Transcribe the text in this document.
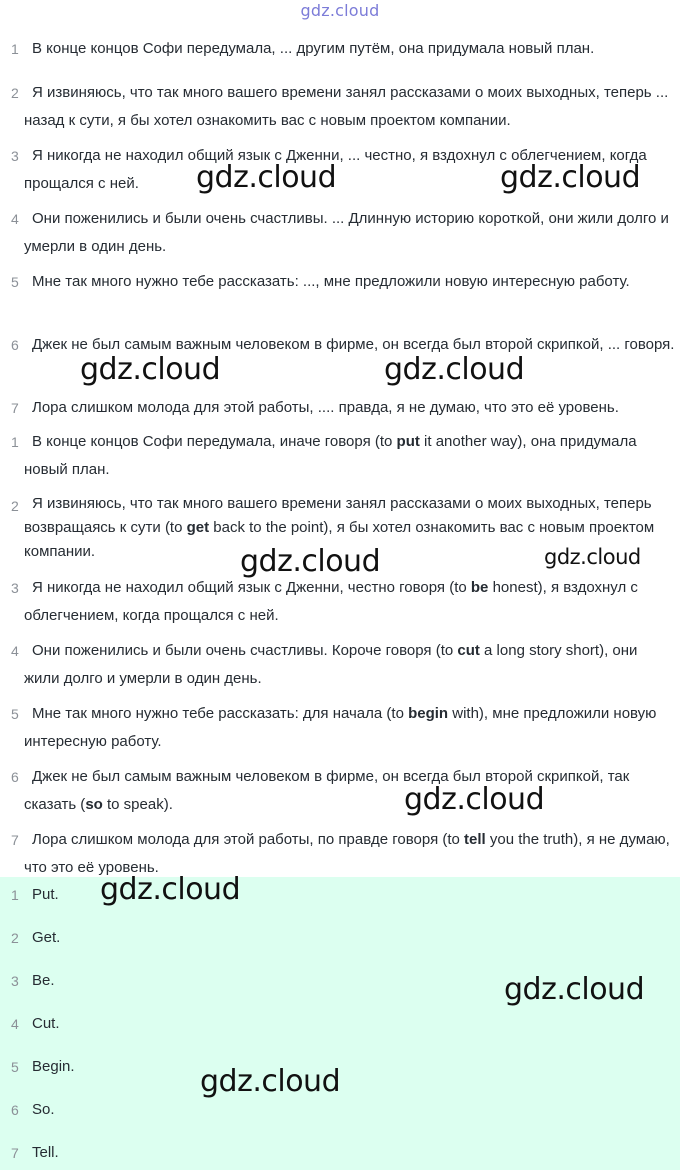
gdz.cloud
1 В конце концов Софи передумала, ... другим путём, она придумала новый план.
2 Я извиняюсь, что так много вашего времени занял рассказами о моих выходных, теперь ... назад к сути, я бы хотел ознакомить вас с новым проектом компании.
3 Я никогда не находил общий язык с Дженни, ... честно, я вздохнул с облегчением, когда прощался с ней.
4 Они поженились и были очень счастливы. ... Длинную историю короткой, они жили долго и умерли в один день.
5 Мне так много нужно тебе рассказать: ..., мне предложили новую интересную работу.
6 Джек не был самым важным человеком в фирме, он всегда был второй скрипкой, ... говоря.
7 Лора слишком молода для этой работы, .... правда, я не думаю, что это её уровень.
1 В конце концов Софи передумала, иначе говоря (to put it another way), она придумала новый план.
2 Я извиняюсь, что так много вашего времени занял рассказами о моих выходных, теперь возвращаясь к сути (to get back to the point), я бы хотел ознакомить вас с новым проектом компании.
3 Я никогда не находил общий язык с Дженни, честно говоря (to be honest), я вздохнул с облегчением, когда прощался с ней.
4 Они поженились и были очень счастливы. Короче говоря (to cut a long story short), они жили долго и умерли в один день.
5 Мне так много нужно тебе рассказать: для начала (to begin with), мне предложили новую интересную работу.
6 Джек не был самым важным человеком в фирме, он всегда был второй скрипкой, так сказать (so to speak).
7 Лора слишком молода для этой работы, по правде говоря (to tell you the truth), я не думаю, что это её уровень.
1 Put.
2 Get.
3 Be.
4 Cut.
5 Begin.
6 So.
7 Tell.
gdz.cloud	gdz.cloud
gdz.cloud	gdz.cloud
gdz.cloud	gdz.cloud
gdz.cloud
gdz.cloud
gdz.cloud
gdz.cloud
